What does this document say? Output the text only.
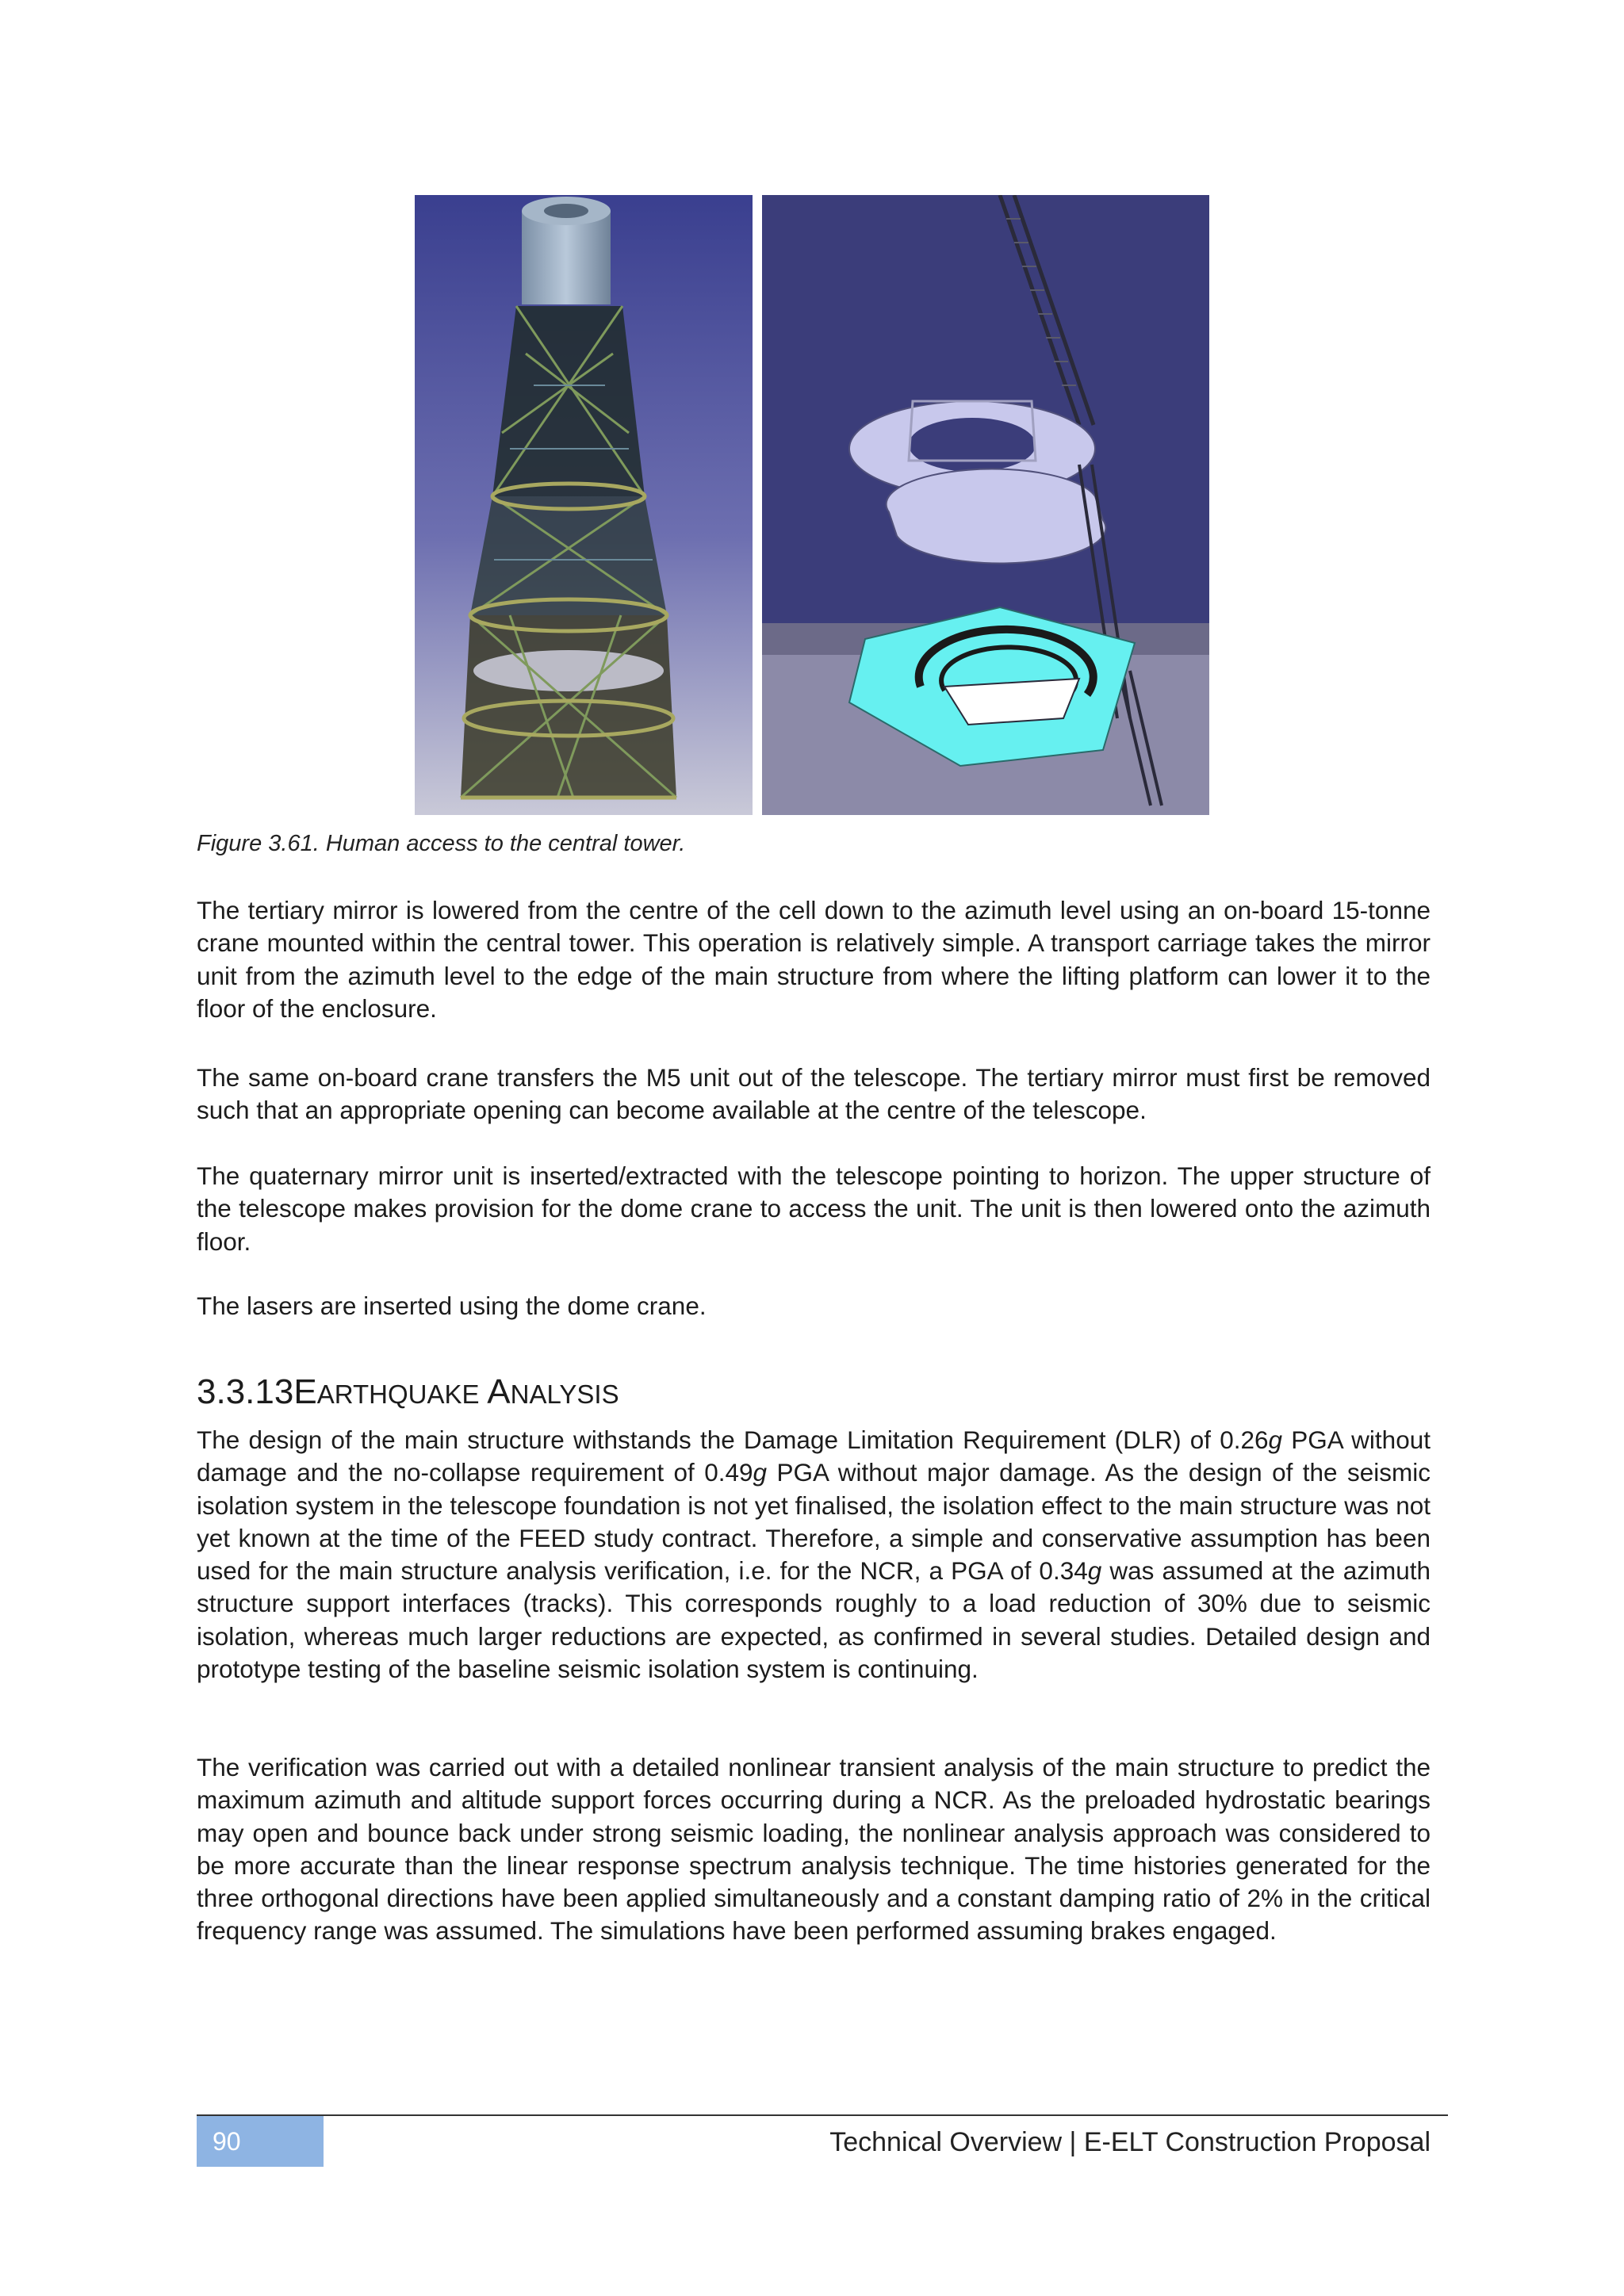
Figure 3.61. Human access to the central tower.

The tertiary mirror is lowered from the centre of the cell down to the azimuth level using an on-board 15-tonne crane mounted within the central tower. This operation is relatively simple. A transport carriage takes the mirror unit from the azimuth level to the edge of the main structure from where the lifting platform can lower it to the floor of the enclosure.

The same on-board crane transfers the M5 unit out of the telescope. The tertiary mirror must first be removed such that an appropriate opening can become available at the centre of the telescope.

The quaternary mirror unit is inserted/extracted with the telescope pointing to horizon. The upper structure of the telescope makes provision for the dome crane to access the unit. The unit is then lowered onto the azimuth floor.

The lasers are inserted using the dome crane.

3.3.13EARTHQUAKE ANALYSIS

The design of the main structure withstands the Damage Limitation Requirement (DLR) of 0.26g PGA without damage and the no-collapse requirement of 0.49g PGA without major damage. As the design of the seismic isolation system in the telescope foundation is not yet finalised, the isolation effect to the main structure was not yet known at the time of the FEED study contract. Therefore, a simple and conservative assumption has been used for the main structure analysis verification, i.e. for the NCR, a PGA of 0.34g was assumed at the azimuth structure support interfaces (tracks). This corresponds roughly to a load reduction of 30% due to seismic isolation, whereas much larger reductions are expected, as confirmed in several studies. Detailed design and prototype testing of the baseline seismic isolation system is continuing.

The verification was carried out with a detailed nonlinear transient analysis of the main structure to predict the maximum azimuth and altitude support forces occurring during a NCR. As the preloaded hydrostatic bearings may open and bounce back under strong seismic loading, the nonlinear analysis approach was considered to be more accurate than the linear response spectrum analysis technique. The time histories generated for the three orthogonal directions have been applied simultaneously and a constant damping ratio of 2% in the critical frequency range was assumed. The simulations have been performed assuming brakes engaged.

90	Technical Overview | E-ELT Construction Proposal
